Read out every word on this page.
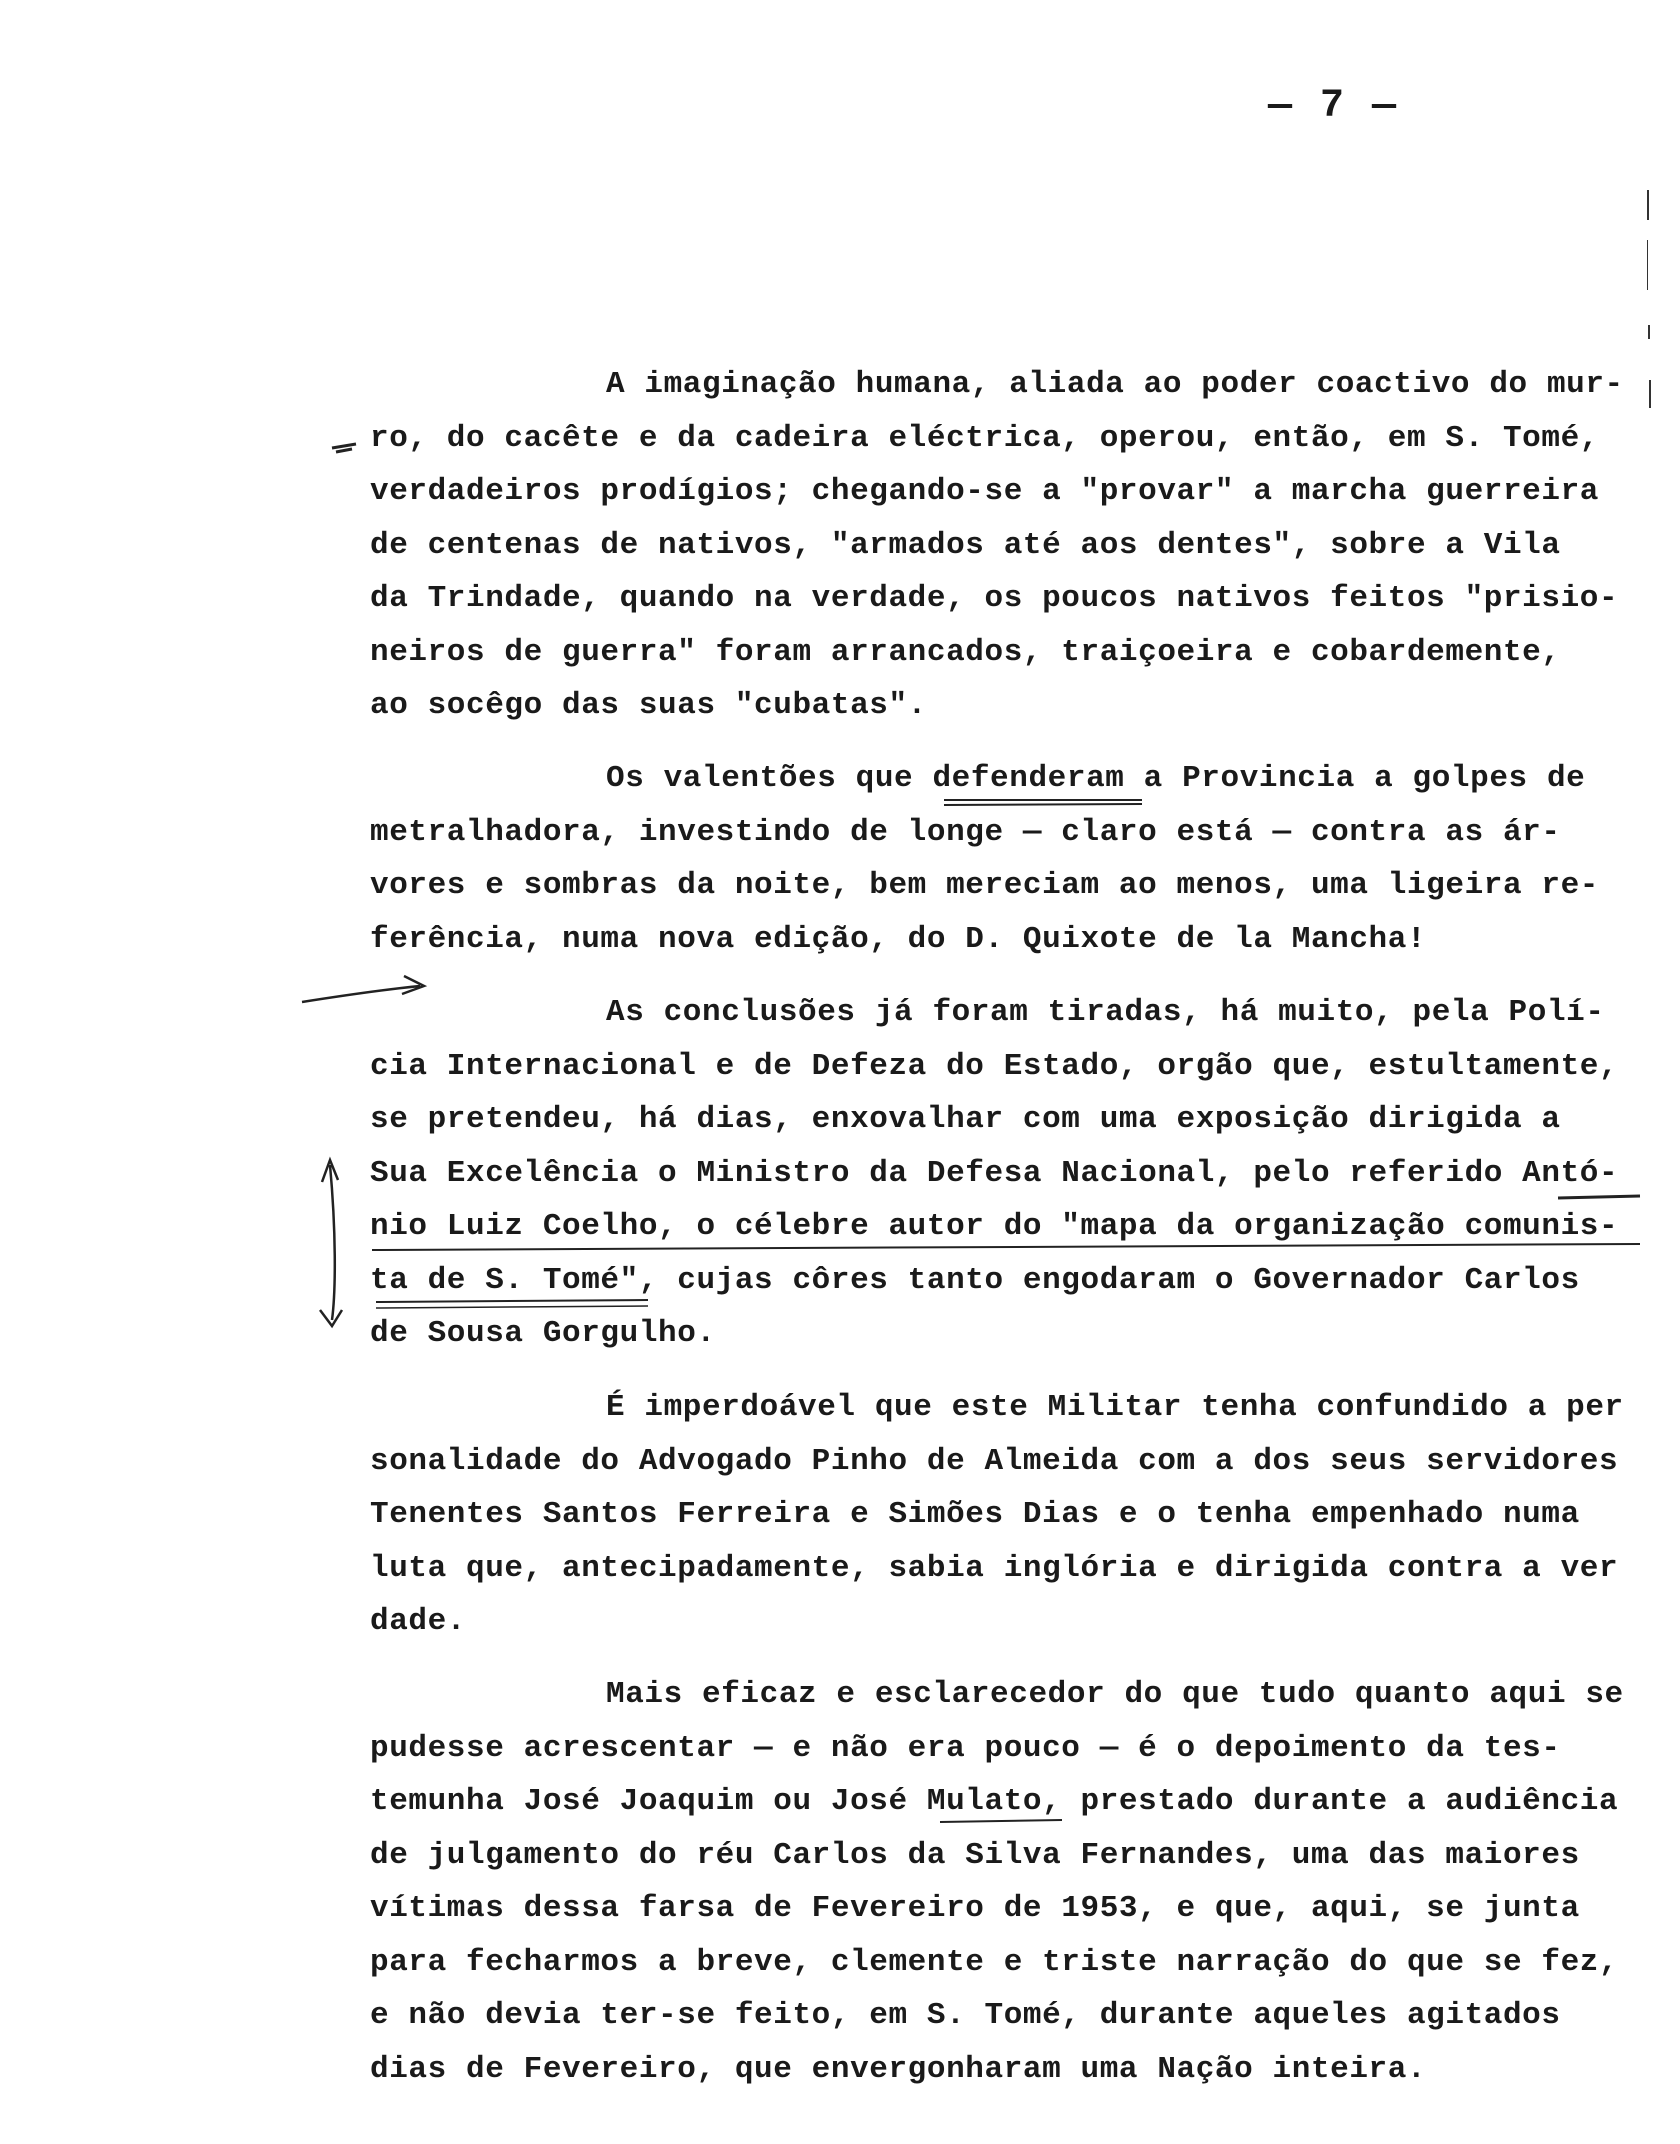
— 7 —
A imaginação humana, aliada ao poder coactivo do mur-
ro, do cacête e da cadeira eléctrica, operou, então, em S. Tomé,
verdadeiros prodígios; chegando-se a "provar" a marcha guerreira
de centenas de nativos, "armados até aos dentes", sobre a Vila
da Trindade, quando na verdade, os poucos nativos feitos "prisio-
neiros de guerra" foram arrancados, traiçoeira e cobardemente,
ao socêgo das suas "cubatas".
Os valentões que defenderam a Provincia a golpes de
metralhadora, investindo de longe — claro está — contra as ár-
vores e sombras da noite, bem mereciam ao menos, uma ligeira re-
ferência, numa nova edição, do D. Quixote de la Mancha!
As conclusões já foram tiradas, há muito, pela Polí-
cia Internacional e de Defeza do Estado, orgão que, estultamente,
se pretendeu, há dias, enxovalhar com uma exposição dirigida a
Sua Excelência o Ministro da Defesa Nacional, pelo referido Antó-
nio Luiz Coelho, o célebre autor do "mapa da organização comunis-
ta de S. Tomé", cujas côres tanto engodaram o Governador Carlos
de Sousa Gorgulho.
É imperdoável que este Militar tenha confundido a per
sonalidade do Advogado Pinho de Almeida com a dos seus servidores
Tenentes Santos Ferreira e Simões Dias e o tenha empenhado numa
luta que, antecipadamente, sabia inglória e dirigida contra a ver
dade.
Mais eficaz e esclarecedor do que tudo quanto aqui se
pudesse acrescentar — e não era pouco — é o depoimento da tes-
temunha José Joaquim ou José Mulato, prestado durante a audiência
de julgamento do réu Carlos da Silva Fernandes, uma das maiores
vítimas dessa farsa de Fevereiro de 1953, e que, aqui, se junta
para fecharmos a breve, clemente e triste narração do que se fez,
e não devia ter-se feito, em S. Tomé, durante aqueles agitados
dias de Fevereiro, que envergonharam uma Nação inteira.
